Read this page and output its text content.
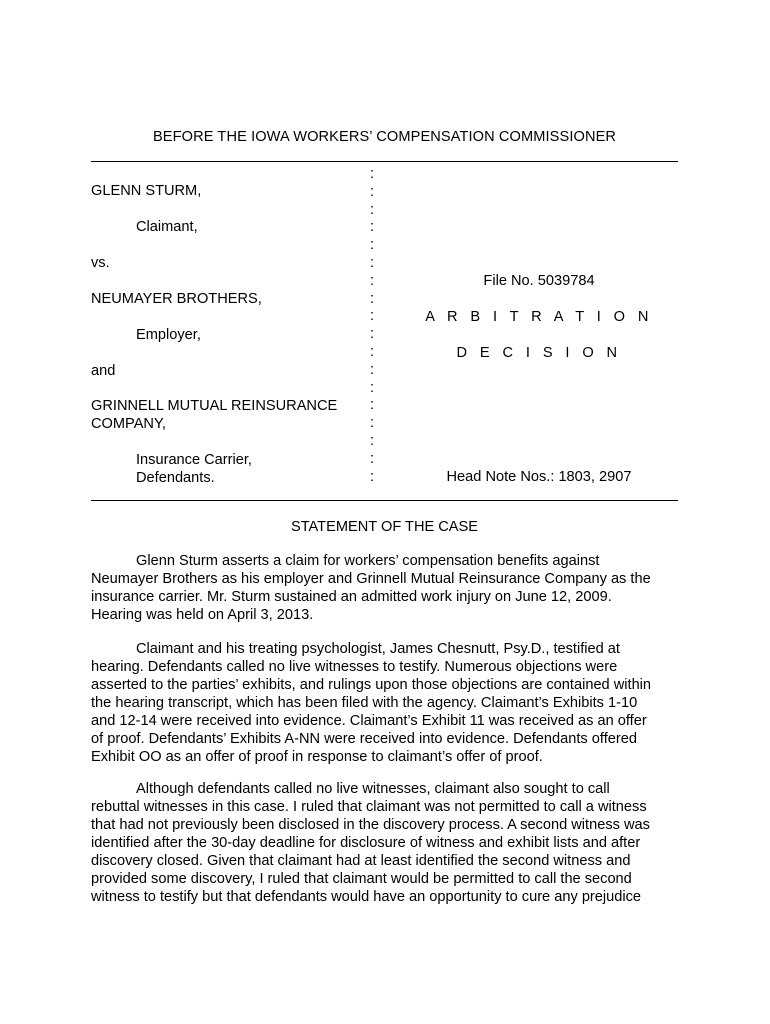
BEFORE THE IOWA WORKERS’ COMPENSATION COMMISSIONER
GLENN STURM,
Claimant,
vs.
NEUMAYER BROTHERS,
Employer,
and
GRINNELL MUTUAL REINSURANCE
COMPANY,
Insurance Carrier,
Defendants.
:
:
:
:
:
:
:
:
:
:
:
:
:
:
:
:
:
:
File No. 5039784
A R B I T R A T I O N
D E C I S I O N
Head Note Nos.: 1803, 2907
STATEMENT OF THE CASE
Glenn Sturm asserts a claim for workers’ compensation benefits against
Neumayer Brothers as his employer and Grinnell Mutual Reinsurance Company as the
insurance carrier. Mr. Sturm sustained an admitted work injury on June 12, 2009.
Hearing was held on April 3, 2013.
Claimant and his treating psychologist, James Chesnutt, Psy.D., testified at
hearing. Defendants called no live witnesses to testify. Numerous objections were
asserted to the parties’ exhibits, and rulings upon those objections are contained within
the hearing transcript, which has been filed with the agency. Claimant’s Exhibits 1-10
and 12-14 were received into evidence. Claimant’s Exhibit 11 was received as an offer
of proof. Defendants’ Exhibits A-NN were received into evidence. Defendants offered
Exhibit OO as an offer of proof in response to claimant’s offer of proof.
Although defendants called no live witnesses, claimant also sought to call
rebuttal witnesses in this case. I ruled that claimant was not permitted to call a witness
that had not previously been disclosed in the discovery process. A second witness was
identified after the 30-day deadline for disclosure of witness and exhibit lists and after
discovery closed. Given that claimant had at least identified the second witness and
provided some discovery, I ruled that claimant would be permitted to call the second
witness to testify but that defendants would have an opportunity to cure any prejudice
